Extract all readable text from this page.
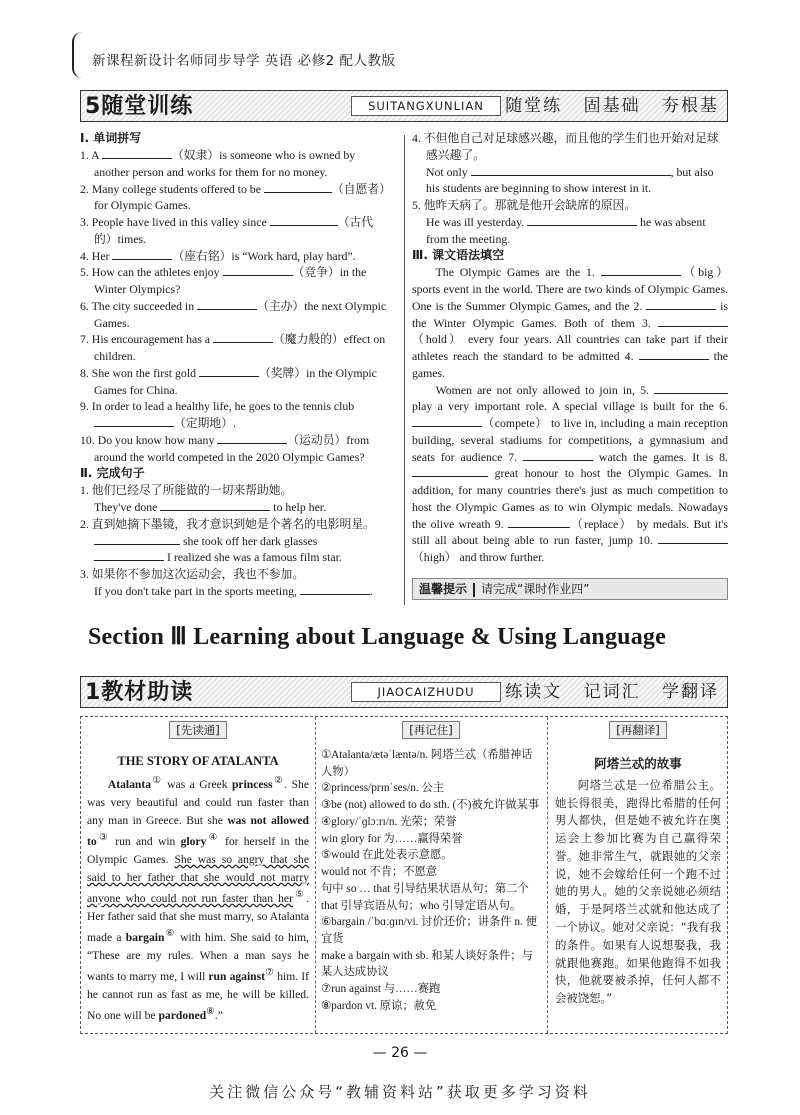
新课程新设计名师同步导学 英语 必修2 配人教版
5随堂训练	SUITANGXUNLIAN	随堂练 固基础 夯根基

Ⅰ. 单词拼写

1. A	（奴隶）is someone who is owned by another person and works for them for no money.

2. Many college students offered to be	（自愿者）for Olympic Games.

3. People have lived in this valley since	（古代的）times.

4. Her	（座右铭）is “Work hard, play hard”.

5. How can the athletes enjoy	（竞争）in the Winter Olympics?

6. The city succeeded in	（主办）the next Olympic Games.

7. His encouragement has a	（魔力般的）effect on children.

8. She won the first gold	（奖牌）in the Olympic Games for China.

9. In order to lead a healthy life, he goes to the tennis club （定期地）.

10. Do you know how many	（运动员）from around the world competed in the 2020 Olympic Games?

Ⅱ. 完成句子

1. 他们已经尽了所能做的一切来帮助她。

They've done	to help her.

2. 直到她摘下墨镜，我才意识到她是个著名的电影明星。

she took off her dark glasses  I realized she was a famous film star.

3. 如果你不参加这次运动会，我也不参加。

If you don't take part in the sports meeting,	.

4. 不但他自己对足球感兴趣，而且他的学生们也开始对足球感兴趣了。

Not only	, but also his students are beginning to show interest in it.

5. 他昨天病了。那就是他开会缺席的原因。

He was ill yesterday.	he was absent from the meeting.

Ⅲ. 课文语法填空

The Olympic Games are the 1.	（big） sports event in the world. There are two kinds of Olympic Games. One is the Summer Olympic Games, and the 2.	is the Winter Olympic Games. Both of them 3. （hold） every four years. All countries can take part if their athletes reach the standard to be admitted 4.	the games.

Women are not only allowed to join in, 5.  play a very important role. A special village is built for the 6. （compete） to live in, including a main reception building, several stadiums for competitions, a gymnasium and seats for audience 7.	watch the games. It is 8.  great honour to host the Olympic Games. In addition, for many countries there's just as much competition to host the Olympic Games as to win Olympic medals. Nowadays the olive wreath 9.	（replace） by medals. But it's still all about being able to run faster, jump 10. （high） and throw further.

温馨提示 请完成“课时作业四”
Section Ⅲ Learning about Language & Using Language
1教材助读	JIAOCAIZHUDU	练读文 记词汇 学翻译
[先读通]
THE STORY OF ATALANTA

Atalanta① was a Greek princess②. She was very beautiful and could run faster than any man in Greece. But she was not allowed to③ run and win glory④ for herself in the Olympic Games. She was so angry that she said to her father that she would not marry anyone who could not run faster than her⑤. Her father said that she must marry, so Atalanta made a bargain⑥ with him. She said to him, “These are my rules. When a man says he wants to marry me, I will run against⑦ him. If he cannot run as fast as me, he will be killed. No one will be pardoned⑧.”

[再记住]

①Atalanta/ætəˈlæntə/n. 阿塔兰忒（希腊神话人物）

②princess/prɪnˈses/n. 公主

③be (not) allowed to do sth. (不)被允许做某事

④glory/ˈɡlɔːrɪ/n. 光荣；荣誉

win glory for 为……赢得荣誉

⑤would 在此处表示意愿。

would not 不肯；不愿意

句中 so … that 引导结果状语从句；第二个 that 引导宾语从句；who 引导定语从句。

⑥bargain /ˈbɑːɡɪn/vi. 讨价还价；讲条件 n. 便宜货

make a bargain with sb. 和某人谈好条件；与某人达成协议

⑦run against 与……赛跑

⑧pardon vt. 原谅；赦免

[再翻译]
阿塔兰忒的故事

阿塔兰忒是一位希腊公主。她长得很美，跑得比希腊的任何男人都快，但是她不被允许在奥运会上参加比赛为自己赢得荣誉。她非常生气，就跟她的父亲说，她不会嫁给任何一个跑不过她的男人。她的父亲说她必须结婚，于是阿塔兰忒就和他达成了一个协议。她对父亲说：“我有我的条件。如果有人说想娶我，我就跟他赛跑。如果他跑得不如我快，他就要被杀掉，任何人都不会被饶恕。”

— 26 —
关注微信公众号“教辅资料站”获取更多学习资料
